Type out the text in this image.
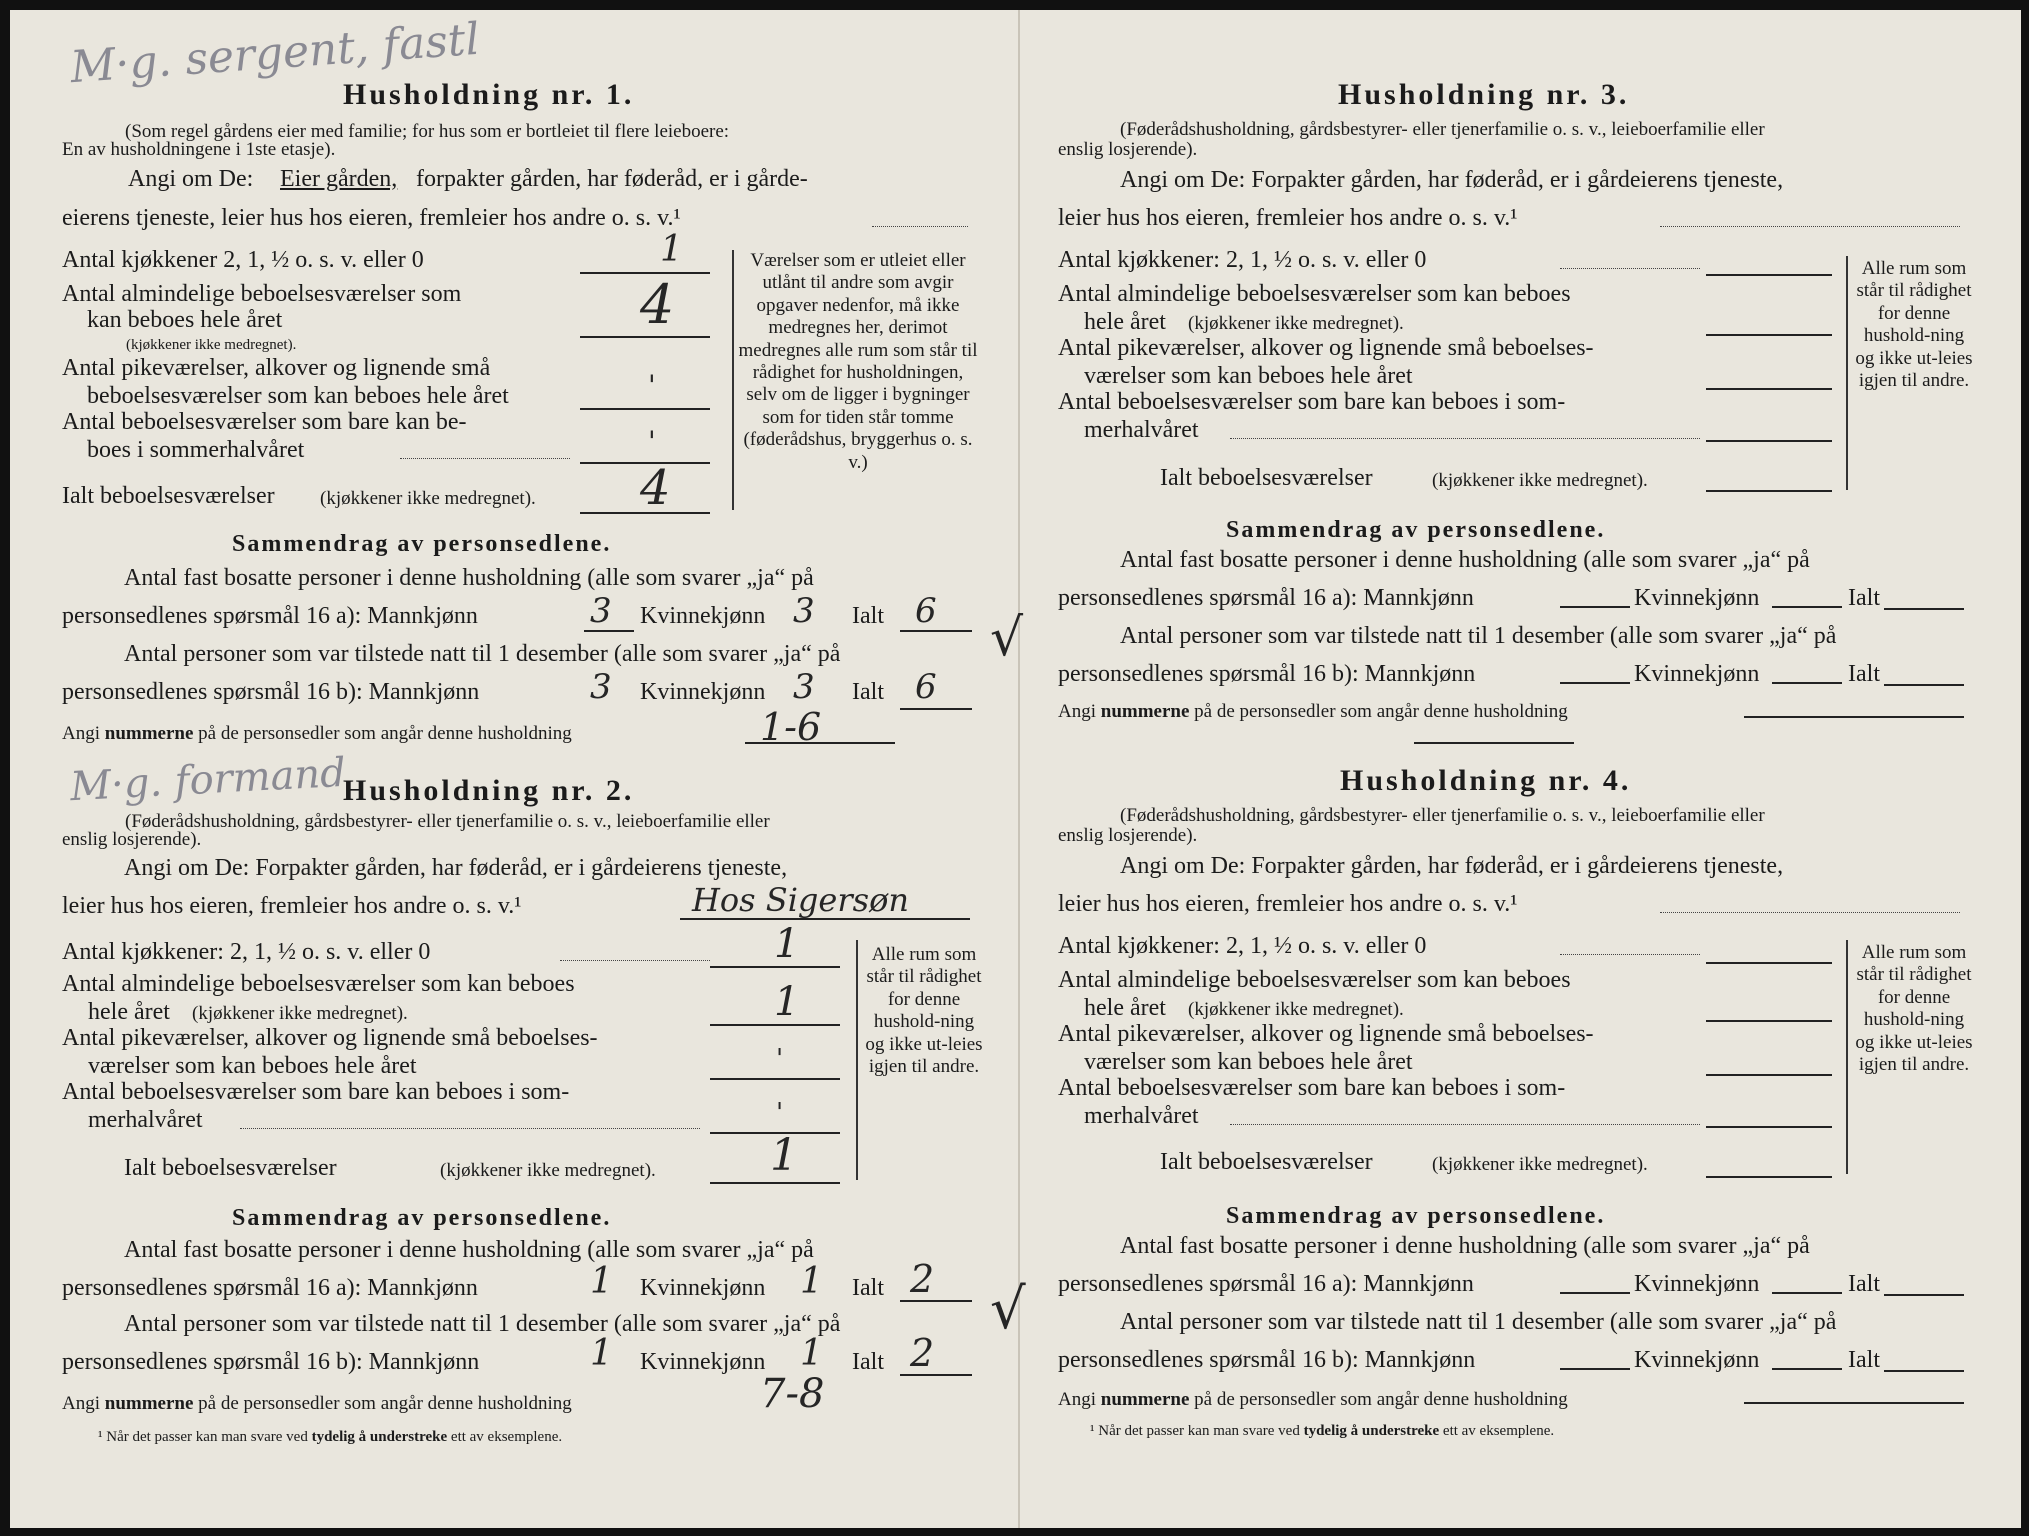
M·g. sergent, fastl
Husholdning nr. 1.
(Som regel gårdens eier med familie; for hus som er bortleiet til flere leieboere:
En av husholdningene i 1ste etasje).
Angi om De: Eier gården, forpakter gården, har føderåd, er i gårde-
eierens tjeneste, leier hus hos eieren, fremleier hos andre o. s. v.¹
Antal kjøkkener 2, 1, ½ o. s. v. eller 0	1
Antal almindelige beboelsesværelser som
kan beboes hele året
(kjøkkener ikke medregnet).
4
Antal pikeværelser, alkover og lignende små
beboelsesværelser som kan beboes hele året	'
Antal beboelsesværelser som bare kan be-
boes i sommerhalvåret	'
Ialt beboelsesværelser (kjøkkener ikke medregnet). 4
Værelser som er utleiet eller utlånt til andre som avgir opgaver nedenfor, må ikke medregnes her, derimot medregnes alle rum som står til rådighet for husholdningen, selv om de ligger i bygninger som for tiden står tomme (føderådshus, bryggerhus o. s. v.)
Sammendrag av personsedlene.
Antal fast bosatte personer i denne husholdning (alle som svarer „ja“ på
personsedlenes spørsmål 16 a): Mannkjønn	3 Kvinnekjønn 3 Ialt 6 √
Antal personer som var tilstede natt til 1 desember (alle som svarer „ja“ på
personsedlenes spørsmål 16 b): Mannkjønn	3 Kvinnekjønn 3 Ialt 6
Angi nummerne på de personsedler som angår denne husholdning	1-6
M·g. formand
Husholdning nr. 2.
(Føderådshusholdning, gårdsbestyrer- eller tjenerfamilie o. s. v., leieboerfamilie eller
enslig losjerende).
Angi om De: Forpakter gården, har føderåd, er i gårdeierens tjeneste,
leier hus hos eieren, fremleier hos andre o. s. v.¹	Hos Sigersøn
Antal kjøkkener: 2, 1, ½ o. s. v. eller 0	1
Antal almindelige beboelsesværelser som kan beboes
hele året (kjøkkener ikke medregnet).	1
Antal pikeværelser, alkover og lignende små beboelses-
værelser som kan beboes hele året	'
Antal beboelsesværelser som bare kan beboes i som-
merhalvåret	'
Ialt beboelsesværelser	(kjøkkener ikke medregnet).	1
Alle rum som står til rådighet for denne hushold-ning og ikke ut-leies igjen til andre.
Sammendrag av personsedlene.
Antal fast bosatte personer i denne husholdning (alle som svarer „ja“ på
personsedlenes spørsmål 16 a): Mannkjønn	1 Kvinnekjønn 1 Ialt 2 √
Antal personer som var tilstede natt til 1 desember (alle som svarer „ja“ på
personsedlenes spørsmål 16 b): Mannkjønn	1 Kvinnekjønn 1 Ialt 2
Angi nummerne på de personsedler som angår denne husholdning	7-8
¹ Når det passer kan man svare ved tydelig å understreke ett av eksemplene.
Husholdning nr. 3.
(Føderådshusholdning, gårdsbestyrer- eller tjenerfamilie o. s. v., leieboerfamilie eller
enslig losjerende).
Angi om De: Forpakter gården, har føderåd, er i gårdeierens tjeneste,
leier hus hos eieren, fremleier hos andre o. s. v.¹
Antal kjøkkener: 2, 1, ½ o. s. v. eller 0
Antal almindelige beboelsesværelser som kan beboes
hele året (kjøkkener ikke medregnet).
Antal pikeværelser, alkover og lignende små beboelses-
værelser som kan beboes hele året
Antal beboelsesværelser som bare kan beboes i som-
merhalvåret
Ialt beboelsesværelser	(kjøkkener ikke medregnet).
Alle rum som står til rådighet for denne hushold-ning og ikke ut-leies igjen til andre.
Sammendrag av personsedlene.
Antal fast bosatte personer i denne husholdning (alle som svarer „ja“ på
personsedlenes spørsmål 16 a): Mannkjønn	Kvinnekjønn	Ialt
Antal personer som var tilstede natt til 1 desember (alle som svarer „ja“ på
personsedlenes spørsmål 16 b): Mannkjønn	Kvinnekjønn	Ialt
Angi nummerne på de personsedler som angår denne husholdning
Husholdning nr. 4.
(Føderådshusholdning, gårdsbestyrer- eller tjenerfamilie o. s. v., leieboerfamilie eller
enslig losjerende).
Angi om De: Forpakter gården, har føderåd, er i gårdeierens tjeneste,
leier hus hos eieren, fremleier hos andre o. s. v.¹
Antal kjøkkener: 2, 1, ½ o. s. v. eller 0
Antal almindelige beboelsesværelser som kan beboes
hele året (kjøkkener ikke medregnet).
Antal pikeværelser, alkover og lignende små beboelses-
værelser som kan beboes hele året
Antal beboelsesværelser som bare kan beboes i som-
merhalvåret
Ialt beboelsesværelser	(kjøkkener ikke medregnet).
Alle rum som står til rådighet for denne hushold-ning og ikke ut-leies igjen til andre.
Sammendrag av personsedlene.
Antal fast bosatte personer i denne husholdning (alle som svarer „ja“ på
personsedlenes spørsmål 16 a): Mannkjønn	Kvinnekjønn	Ialt
Antal personer som var tilstede natt til 1 desember (alle som svarer „ja“ på
personsedlenes spørsmål 16 b): Mannkjønn	Kvinnekjønn	Ialt
Angi nummerne på de personsedler som angår denne husholdning
¹ Når det passer kan man svare ved tydelig å understreke ett av eksemplene.
